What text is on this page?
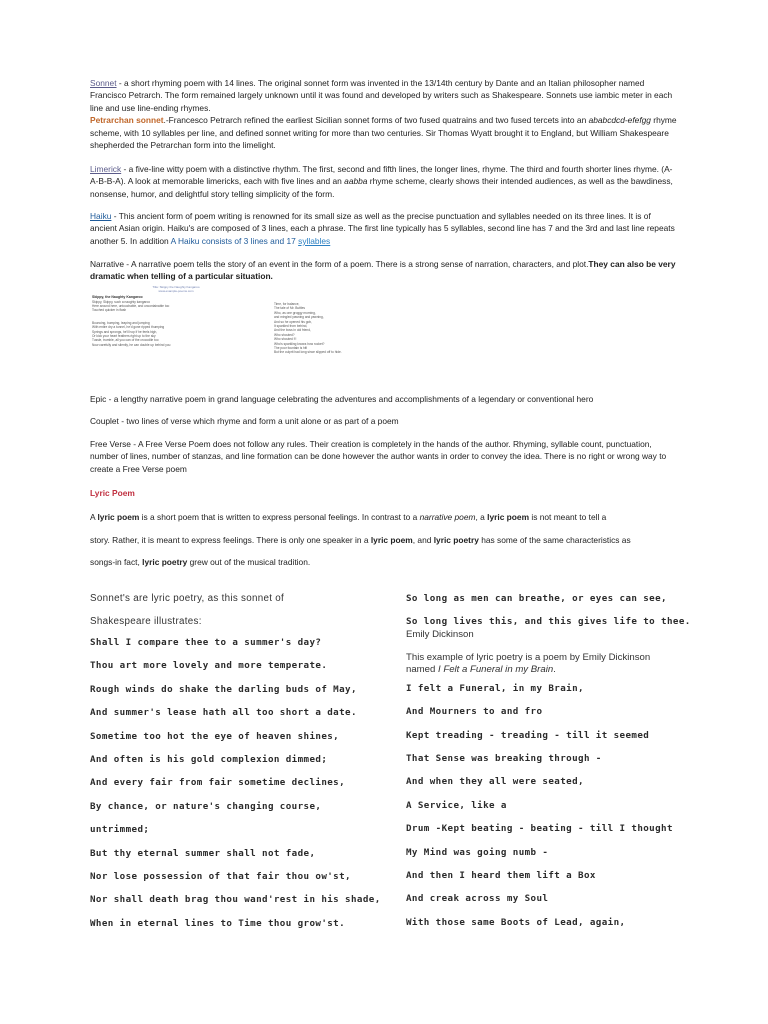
Sonnet - a short rhyming poem with 14 lines. The original sonnet form was invented in the 13/14th century by Dante and an Italian philosopher named Francisco Petrarch. The form remained largely unknown until it was found and developed by writers such as Shakespeare. Sonnets use iambic meter in each line and use line-ending rhymes.
Petrarchan sonnet.-Francesco Petrarch refined the earliest Sicilian sonnet forms of two fused quatrains and two fused tercets into an ababcdcd-efefgg rhyme scheme, with 10 syllables per line, and defined sonnet writing for more than two centuries. Sir Thomas Wyatt brought it to England, but William Shakespeare shepherded the Petrarchan form into the limelight.
Limerick - a five-line witty poem with a distinctive rhythm. The first, second and fifth lines, the longer lines, rhyme. The third and fourth shorter lines rhyme. (A-A-B-B-A). A look at memorable limericks, each with five lines and an aabba rhyme scheme, clearly shows their intended audiences, as well as the bawdiness, nonsense, humor, and delightful story telling simplicity of the form.
Haiku - This ancient form of poem writing is renowned for its small size as well as the precise punctuation and syllables needed on its three lines. It is of ancient Asian origin. Haiku's are composed of 3 lines, each a phrase. The first line typically has 5 syllables, second line has 7 and the 3rd and last line repeats another 5. In addition A Haiku consists of 3 lines and 17 syllables
Narrative - A narrative poem tells the story of an event in the form of a poem. There is a strong sense of narration, characters, and plot.They can also be very dramatic when telling of a particular situation.
Title: Skippy the Naughty Kangaroo
www.example-poems.com
Skippy, the Naughty Kangaroo
Skippy, Skippy, such a naughty kangaroo
Here around here, untouchable, and uncontainable too
Touched quicker in flash
Bouncing, bumping, leaping and jumping
With entire dry a tunnel, he'd gone ripped thumping
Springs and sprongs, he'll hop if he feels high,
Or kick your heart feathers right up to the sky
Tussle, trumble, all you can of the crocodile too
Now carefully and silently, he can double up behind you
Time, for balance,
The tale of Mr. Buttles
Who, as one groggy morning,
and mingled yawning and yawning,
And so he opened his gob,
It sparkled from behind,
And the boss in old friend,
Who shouted?
Who shouted !!!
Who's sparkling knows how rocket?
The poor fountain is hit!
But the culprit had long since slipped off to hide.
Epic - a lengthy narrative poem in grand language celebrating the adventures and accomplishments of a legendary or conventional hero
Couplet - two lines of verse which rhyme and form a unit alone or as part of a poem
Free Verse - A Free Verse Poem does not follow any rules. Their creation is completely in the hands of the author. Rhyming, syllable count, punctuation, number of lines, number of stanzas, and line formation can be done however the author wants in order to convey the idea. There is no right or wrong way to create a Free Verse poem
Lyric Poem
A lyric poem is a short poem that is written to express personal feelings. In contrast to a narrative poem, a lyric poem is not meant to tell a
story. Rather, it is meant to express feelings. There is only one speaker in a lyric poem, and lyric poetry has some of the same characteristics as
songs-in fact, lyric poetry grew out of the musical tradition.
Sonnet's are lyric poetry, as this sonnet of
Shakespeare illustrates:
Shall I compare thee to a summer's day?
Thou art more lovely and more temperate.
Rough winds do shake the darling buds of May,
And summer's lease hath all too short a date.
Sometime too hot the eye of heaven shines,
And often is his gold complexion dimmed;
And every fair from fair sometime declines,
By chance, or nature's changing course,
untrimmed;
But thy eternal summer shall not fade,
Nor lose possession of that fair thou ow'st,
Nor shall death brag thou wand'rest in his shade,
When in eternal lines to Time thou grow'st.
So long as men can breathe, or eyes can see,
So long lives this, and this gives life to thee.
Emily Dickinson
This example of lyric poetry is a poem by Emily Dickinson named I Felt a Funeral in my Brain.
I felt a Funeral, in my Brain,
And Mourners to and fro
Kept treading - treading - till it seemed
That Sense was breaking through -
And when they all were seated,
A Service, like a
Drum -Kept beating - beating - till I thought
My Mind was going numb -
And then I heard them lift a Box
And creak across my Soul
With those same Boots of Lead, again,
